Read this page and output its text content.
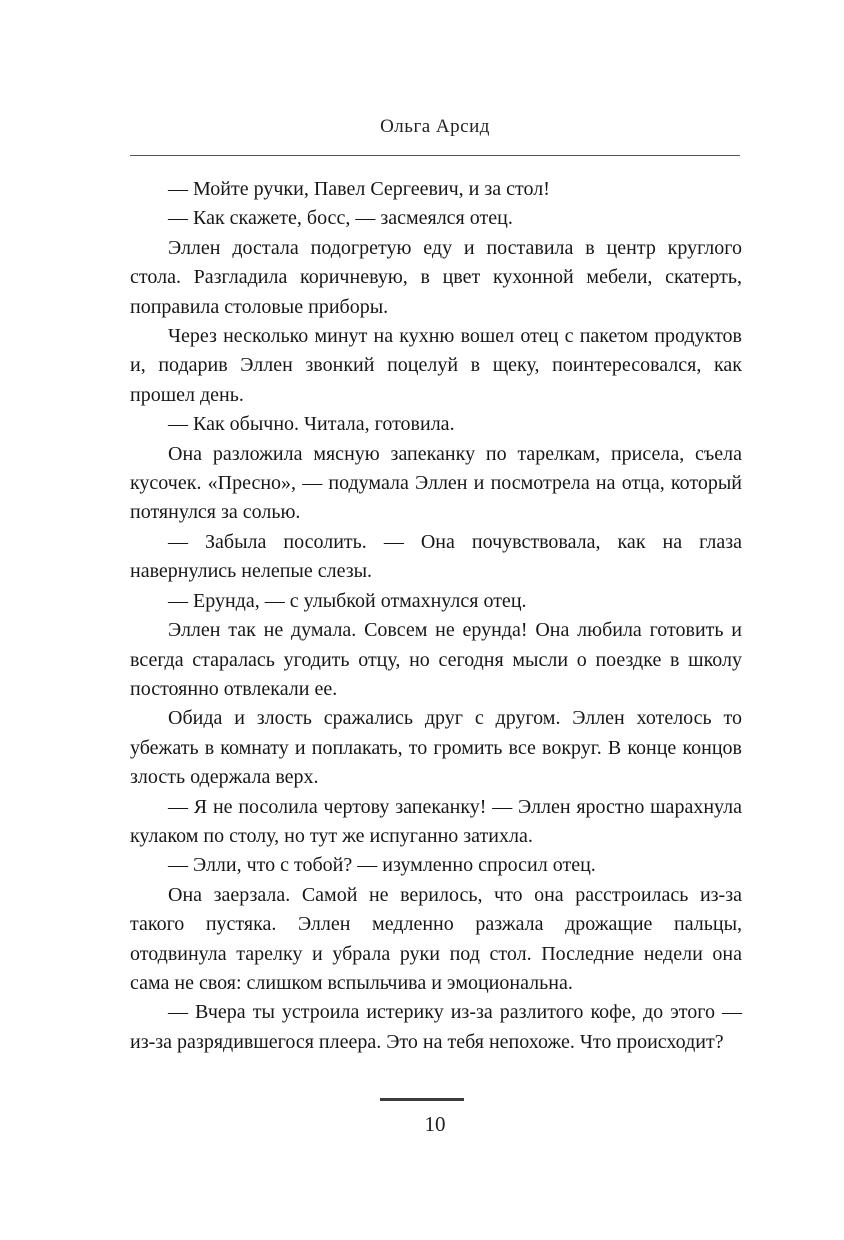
Ольга Арсид

— Мойте ручки, Павел Сергеевич, и за стол!

— Как скажете, босс, — засмеялся отец.

Эллен достала подогретую еду и поставила в центр круглого стола. Разгладила коричневую, в цвет кухонной мебели, скатерть, поправила столовые приборы.

Через несколько минут на кухню вошел отец с пакетом продуктов и, подарив Эллен звонкий поцелуй в щеку, поинтересовался, как прошел день.

— Как обычно. Читала, готовила.

Она разложила мясную запеканку по тарелкам, присела, съела кусочек. «Пресно», — подумала Эллен и посмотрела на отца, который потянулся за солью.

— Забыла посолить. — Она почувствовала, как на глаза навернулись нелепые слезы.

— Ерунда, — с улыбкой отмахнулся отец.

Эллен так не думала. Совсем не ерунда! Она любила готовить и всегда старалась угодить отцу, но сегодня мысли о поездке в школу постоянно отвлекали ее.

Обида и злость сражались друг с другом. Эллен хотелось то убежать в комнату и поплакать, то громить все вокруг. В конце концов злость одержала верх.

— Я не посолила чертову запеканку! — Эллен яростно шарахнула кулаком по столу, но тут же испуганно затихла.

— Элли, что с тобой? — изумленно спросил отец.

Она заерзала. Самой не верилось, что она расстроилась из-за такого пустяка. Эллен медленно разжала дрожащие пальцы, отодвинула тарелку и убрала руки под стол. Последние недели она сама не своя: слишком вспыльчива и эмоциональна.

— Вчера ты устроила истерику из-за разлитого кофе, до этого — из-за разрядившегося плеера. Это на тебя непохоже. Что происходит?

10
